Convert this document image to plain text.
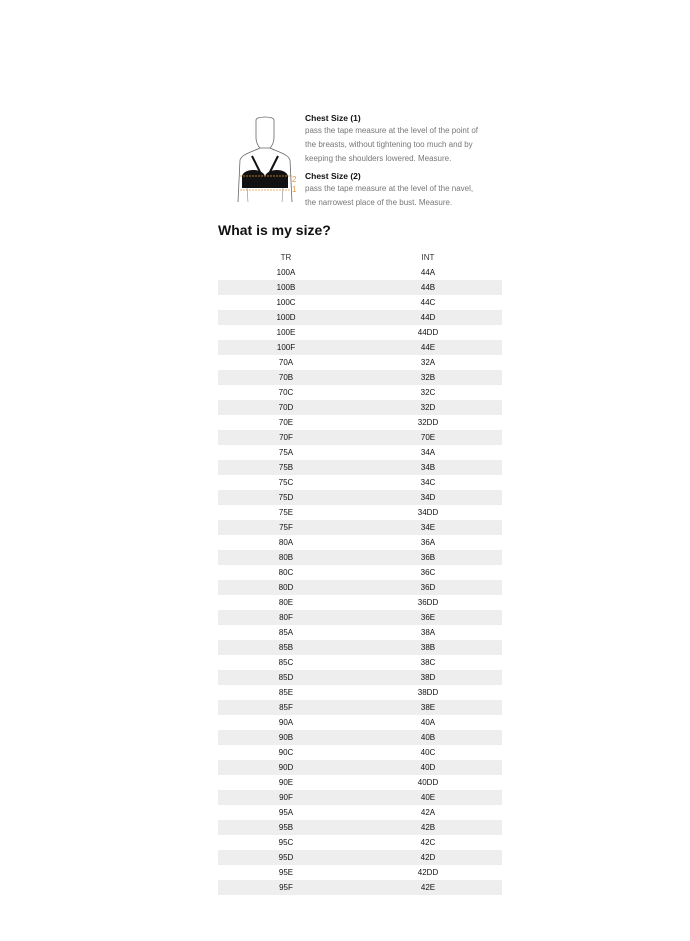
2
1

Chest Size (1)

pass the tape measure at the level of the point of

the breasts, without tightening too much and by

keeping the shoulders lowered. Measure.

Chest Size (2)

pass the tape measure at the level of the navel,

the narrowest place of the bust. Measure.

What is my size?
TR	INT
100A	44A
100B	44B
100C	44C
100D	44D
100E	44DD
100F	44E
70A	32A
70B	32B
70C	32C
70D	32D
70E	32DD
70F	70E
75A	34A
75B	34B
75C	34C
75D	34D
75E	34DD
75F	34E
80A	36A
80B	36B
80C	36C
80D	36D
80E	36DD
80F	36E
85A	38A
85B	38B
85C	38C
85D	38D
85E	38DD
85F	38E
90A	40A
90B	40B
90C	40C
90D	40D
90E	40DD
90F	40E
95A	42A
95B	42B
95C	42C
95D	42D
95E	42DD
95F	42E
